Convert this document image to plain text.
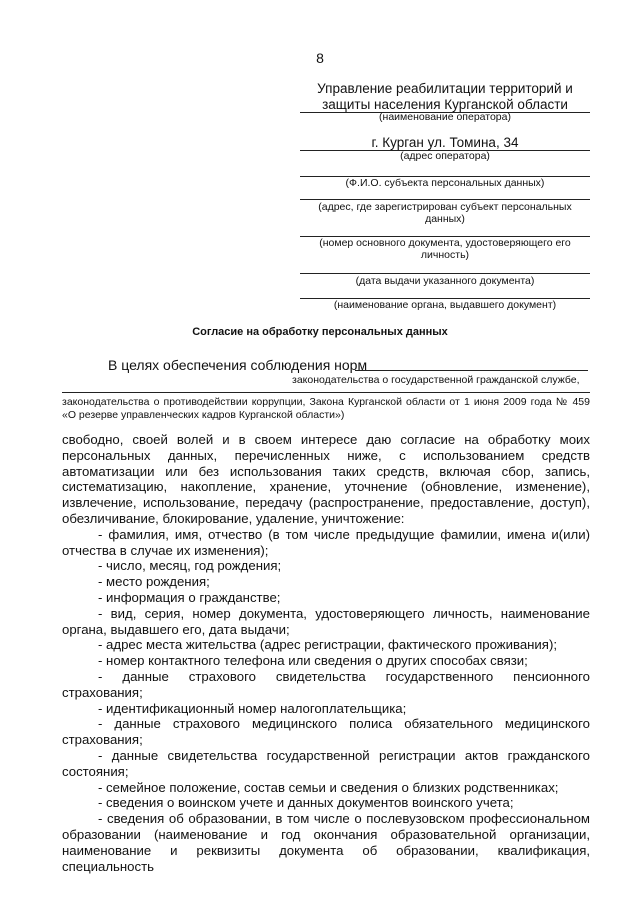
8
Управление реабилитации территорий и
защиты населения Курганской области
(наименование оператора)
г. Курган ул. Томина, 34
(адрес оператора)
(Ф.И.О. субъекта персональных данных)
(адрес, где зарегистрирован субъект персональных
данных)
(номер основного документа, удостоверяющего его
личность)
(дата выдачи указанного документа)
(наименование органа, выдавшего документ)
Согласие на обработку персональных данных
В целях обеспечения соблюдения норм
законодательства о государственной гражданской службе,
законодательства о противодействии коррупции, Закона Курганской области от 1 июня 2009 года № 459 «О резерве управленческих кадров Курганской области»)

свободно, своей волей и в своем интересе даю согласие на обработку моих персональных данных, перечисленных ниже, с использованием средств автоматизации или без использования таких средств, включая сбор, запись, систематизацию, накопление, хранение, уточнение (обновление, изменение), извлечение, использование, передачу (распространение, предоставление, доступ), обезличивание, блокирование, удаление, уничтожение:

- фамилия, имя, отчество (в том числе предыдущие фамилии, имена и(или) отчества в случае их изменения);

- число, месяц, год рождения;

- место рождения;

- информация о гражданстве;

- вид, серия, номер документа, удостоверяющего личность, наименование органа, выдавшего его, дата выдачи;

- адрес места жительства (адрес регистрации, фактического проживания);

- номер контактного телефона или сведения о других способах связи;

- данные страхового свидетельства государственного пенсионного страхования;

- идентификационный номер налогоплательщика;

- данные страхового медицинского полиса обязательного медицинского страхования;

- данные свидетельства государственной регистрации актов гражданского состояния;

- семейное положение, состав семьи и сведения о близких родственниках;

- сведения о воинском учете и данных документов воинского учета;

- сведения об образовании, в том числе о послевузовском профессиональном образовании (наименование и год окончания образовательной организации, наименование и реквизиты документа об образовании, квалификация, специальность
